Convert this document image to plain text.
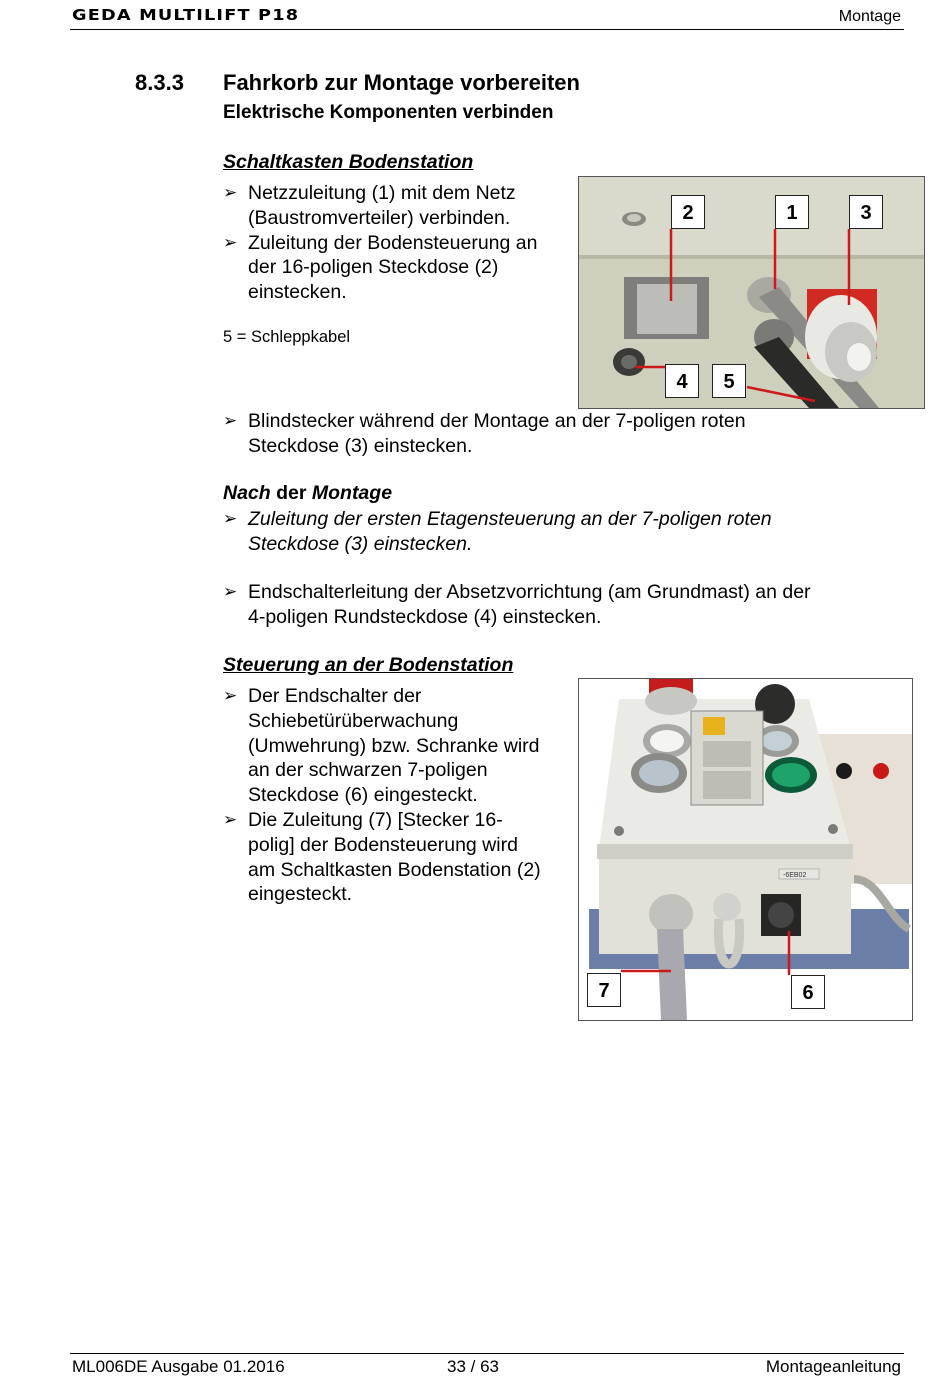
GEDA MULTILIFT P18	Montage
8.3.3 Fahrkorb zur Montage vorbereiten
Elektrische Komponenten verbinden
Schaltkasten Bodenstation
➢ Netzzuleitung (1) mit dem Netz
(Baustromverteiler) verbinden.
➢ Zuleitung der Bodensteuerung an
der 16-poligen Steckdose (2)
einstecken.
5 = Schleppkabel
2	1	3
4	5
➢ Blindstecker während der Montage an der 7-poligen roten
Steckdose (3) einstecken.
Nach der Montage
➢ Zuleitung der ersten Etagensteuerung an der 7-poligen roten
Steckdose (3) einstecken.
➢ Endschalterleitung der Absetzvorrichtung (am Grundmast) an der
4-poligen Rundsteckdose (4) einstecken.
Steuerung an der Bodenstation
➢ Der Endschalter der
Schiebetürüberwachung
(Umwehrung) bzw. Schranke wird
an der schwarzen 7-poligen
Steckdose (6) eingesteckt.
➢ Die Zuleitung (7) [Stecker 16-
polig] der Bodensteuerung wird
am Schaltkasten Bodenstation (2)
eingesteckt.
-6EB02
7	6
ML006DE Ausgabe 01.2016	33 / 63	Montageanleitung
